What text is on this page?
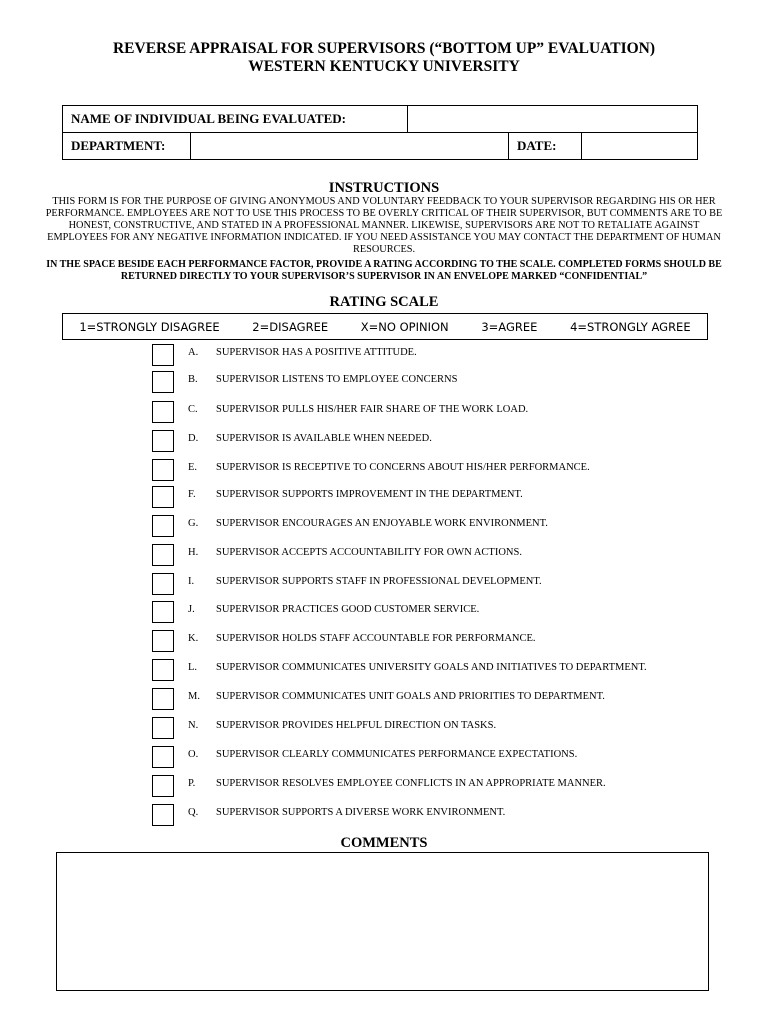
REVERSE APPRAISAL FOR SUPERVISORS (“BOTTOM UP” EVALUATION)
WESTERN KENTUCKY UNIVERSITY
NAME OF INDIVIDUAL BEING EVALUATED:	
DEPARTMENT:		DATE:	
INSTRUCTIONS
THIS FORM IS FOR THE PURPOSE OF GIVING ANONYMOUS AND VOLUNTARY FEEDBACK TO YOUR SUPERVISOR REGARDING HIS OR HER PERFORMANCE. EMPLOYEES ARE NOT TO USE THIS PROCESS TO BE OVERLY CRITICAL OF THEIR SUPERVISOR, BUT COMMENTS ARE TO BE HONEST, CONSTRUCTIVE, AND STATED IN A PROFESSIONAL MANNER. LIKEWISE, SUPERVISORS ARE NOT TO RETALIATE AGAINST EMPLOYEES FOR ANY NEGATIVE INFORMATION INDICATED. IF YOU NEED ASSISTANCE YOU MAY CONTACT THE DEPARTMENT OF HUMAN RESOURCES.
IN THE SPACE BESIDE EACH PERFORMANCE FACTOR, PROVIDE A RATING ACCORDING TO THE SCALE. COMPLETED FORMS SHOULD BE RETURNED DIRECTLY TO YOUR SUPERVISOR’S SUPERVISOR IN AN ENVELOPE MARKED “CONFIDENTIAL”
RATING SCALE
1=STRONGLY DISAGREE	2=DISAGREE	X=NO OPINION	3=AGREE	4=STRONGLY AGREE
A. SUPERVISOR HAS A POSITIVE ATTITUDE.
B. SUPERVISOR LISTENS TO EMPLOYEE CONCERNS
C. SUPERVISOR PULLS HIS/HER FAIR SHARE OF THE WORK LOAD.
D. SUPERVISOR IS AVAILABLE WHEN NEEDED.
E. SUPERVISOR IS RECEPTIVE TO CONCERNS ABOUT HIS/HER PERFORMANCE.
F. SUPERVISOR SUPPORTS IMPROVEMENT IN THE DEPARTMENT.
G. SUPERVISOR ENCOURAGES AN ENJOYABLE WORK ENVIRONMENT.
H. SUPERVISOR ACCEPTS ACCOUNTABILITY FOR OWN ACTIONS.
I. SUPERVISOR SUPPORTS STAFF IN PROFESSIONAL DEVELOPMENT.
J. SUPERVISOR PRACTICES GOOD CUSTOMER SERVICE.
K. SUPERVISOR HOLDS STAFF ACCOUNTABLE FOR PERFORMANCE.
L. SUPERVISOR COMMUNICATES UNIVERSITY GOALS AND INITIATIVES TO DEPARTMENT.
M. SUPERVISOR COMMUNICATES UNIT GOALS AND PRIORITIES TO DEPARTMENT.
N. SUPERVISOR PROVIDES HELPFUL DIRECTION ON TASKS.
O. SUPERVISOR CLEARLY COMMUNICATES PERFORMANCE EXPECTATIONS.
P. SUPERVISOR RESOLVES EMPLOYEE CONFLICTS IN AN APPROPRIATE MANNER.
Q. SUPERVISOR SUPPORTS A DIVERSE WORK ENVIRONMENT.
COMMENTS
